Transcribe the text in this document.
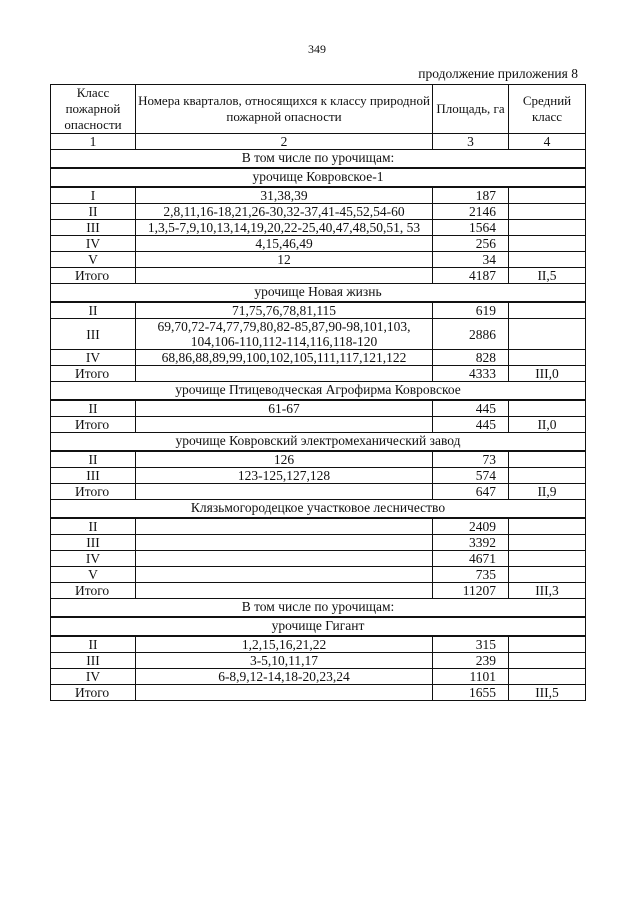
349
продолжение приложения 8
Класс пожарной опасности	Номера кварталов, относящихся к классу природной пожарной опасности	Площадь, га	Средний класс
1	2	3	4
В том числе по урочищам:			
урочище Ковровское-1			
I	31,38,39	187	
II	2,8,11,16-18,21,26-30,32-37,41-45,52,54-60	2146	
III	1,3,5-7,9,10,13,14,19,20,22-25,40,47,48,50,51, 53	1564	
IV	4,15,46,49	256	
V	12	34	
Итого		4187	II,5
урочище Новая жизнь			
II	71,75,76,78,81,115	619	
III	69,70,72-74,77,79,80,82-85,87,90-98,101,103, 104,106-110,112-114,116,118-120	2886	
IV	68,86,88,89,99,100,102,105,111,117,121,122	828	
Итого		4333	III,0
урочище Птицеводческая Агрофирма Ковровское			
II	61-67	445	
Итого		445	II,0
урочище Ковровский электромеханический завод			
II	126	73	
III	123-125,127,128	574	
Итого		647	II,9
Клязьмогородецкое участковое лесничество			
II		2409	
III		3392	
IV		4671	
V		735	
Итого		11207	III,3
В том числе по урочищам:			
урочище Гигант			
II	1,2,15,16,21,22	315	
III	3-5,10,11,17	239	
IV	6-8,9,12-14,18-20,23,24	1101	
Итого		1655	III,5
